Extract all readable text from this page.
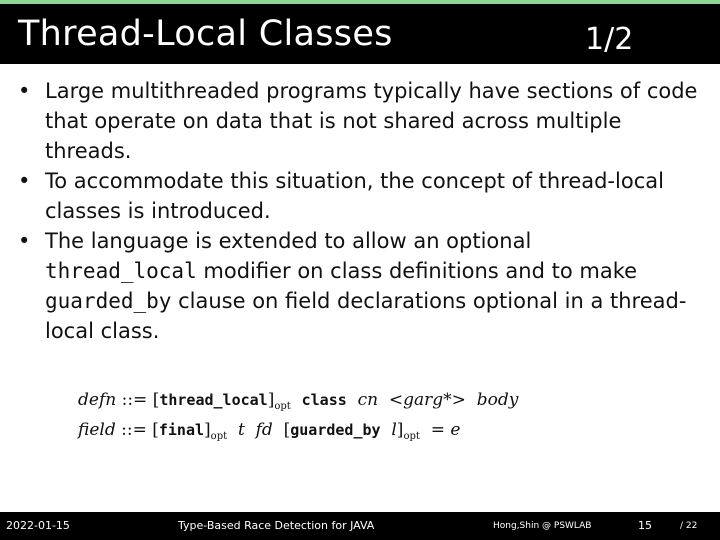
Thread-Local Classes	1/2
• Large multithreaded programs typically have sections of code that operate on data that is not shared across multiple threads.
• To accommodate this situation, the concept of thread-local classes is introduced.
• The language is extended to allow an optional
thread_local modifier on class definitions and to make
guarded_by clause on field declarations optional in a thread-local class.
defn ::= $[thread\_local]_{opt}$ class cn <garg*> body
field ::= $[final]_{opt}$ t fd [guarded_by $l]_{opt} = e$
2022-01-15	Type-Based Race Detection for JAVA	Hong,Shin @ PSWLAB	15	/ 22
